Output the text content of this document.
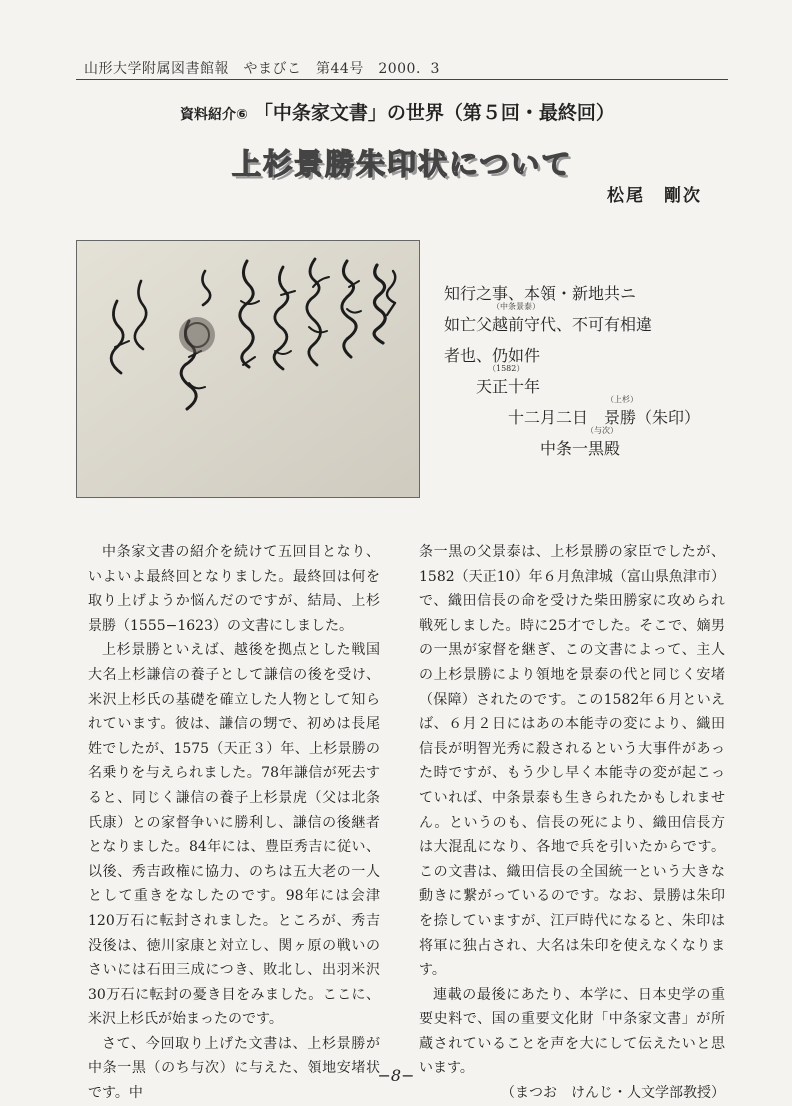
山形大学附属図書館報　やまびこ　第44号　2000．3
資料紹介⑥ 「中条家文書」の世界（第５回・最終回）
上杉景勝朱印状について
松尾　剛次
知行之事、本領・新地共ニ
（中条景泰）
如亡父越前守代、不可有相違
者也、仍如件
（1582）
天正十年
（上杉）
十二月二日　景勝（朱印）
（与次）
中条一黒殿

中条家文書の紹介を続けて五回目となり、いよいよ最終回となりました。最終回は何を取り上げようか悩んだのですが、結局、上杉景勝（1555−1623）の文書にしました。

上杉景勝といえば、越後を拠点とした戦国大名上杉謙信の養子として謙信の後を受け、米沢上杉氏の基礎を確立した人物として知られています。彼は、謙信の甥で、初めは長尾姓でしたが、1575（天正３）年、上杉景勝の名乗りを与えられました。78年謙信が死去すると、同じく謙信の養子上杉景虎（父は北条氏康）との家督争いに勝利し、謙信の後継者となりました。84年には、豊臣秀吉に従い、以後、秀吉政権に協力、のちは五大老の一人として重きをなしたのです。98年には会津120万石に転封されました。ところが、秀吉没後は、徳川家康と対立し、関ヶ原の戦いのさいには石田三成につき、敗北し、出羽米沢30万石に転封の憂き目をみました。ここに、米沢上杉氏が始まったのです。

さて、今回取り上げた文書は、上杉景勝が中条一黒（のち与次）に与えた、領地安堵状です。中

条一黒の父景泰は、上杉景勝の家臣でしたが、1582（天正10）年６月魚津城（富山県魚津市）で、織田信長の命を受けた柴田勝家に攻められ戦死しました。時に25才でした。そこで、嫡男の一黒が家督を継ぎ、この文書によって、主人の上杉景勝により領地を景泰の代と同じく安堵（保障）されたのです。この1582年６月といえば、６月２日にはあの本能寺の変により、織田信長が明智光秀に殺されるという大事件があった時ですが、もう少し早く本能寺の変が起こっていれば、中条景泰も生きられたかもしれません。というのも、信長の死により、織田信長方は大混乱になり、各地で兵を引いたからです。この文書は、織田信長の全国統一という大きな動きに繋がっているのです。なお、景勝は朱印を捺していますが、江戸時代になると、朱印は将軍に独占され、大名は朱印を使えなくなります。

連載の最後にあたり、本学に、日本史学の重要史料で、国の重要文化財「中条家文書」が所蔵されていることを声を大にして伝えたいと思います。

（まつお　けんじ・人文学部教授）

−8−
